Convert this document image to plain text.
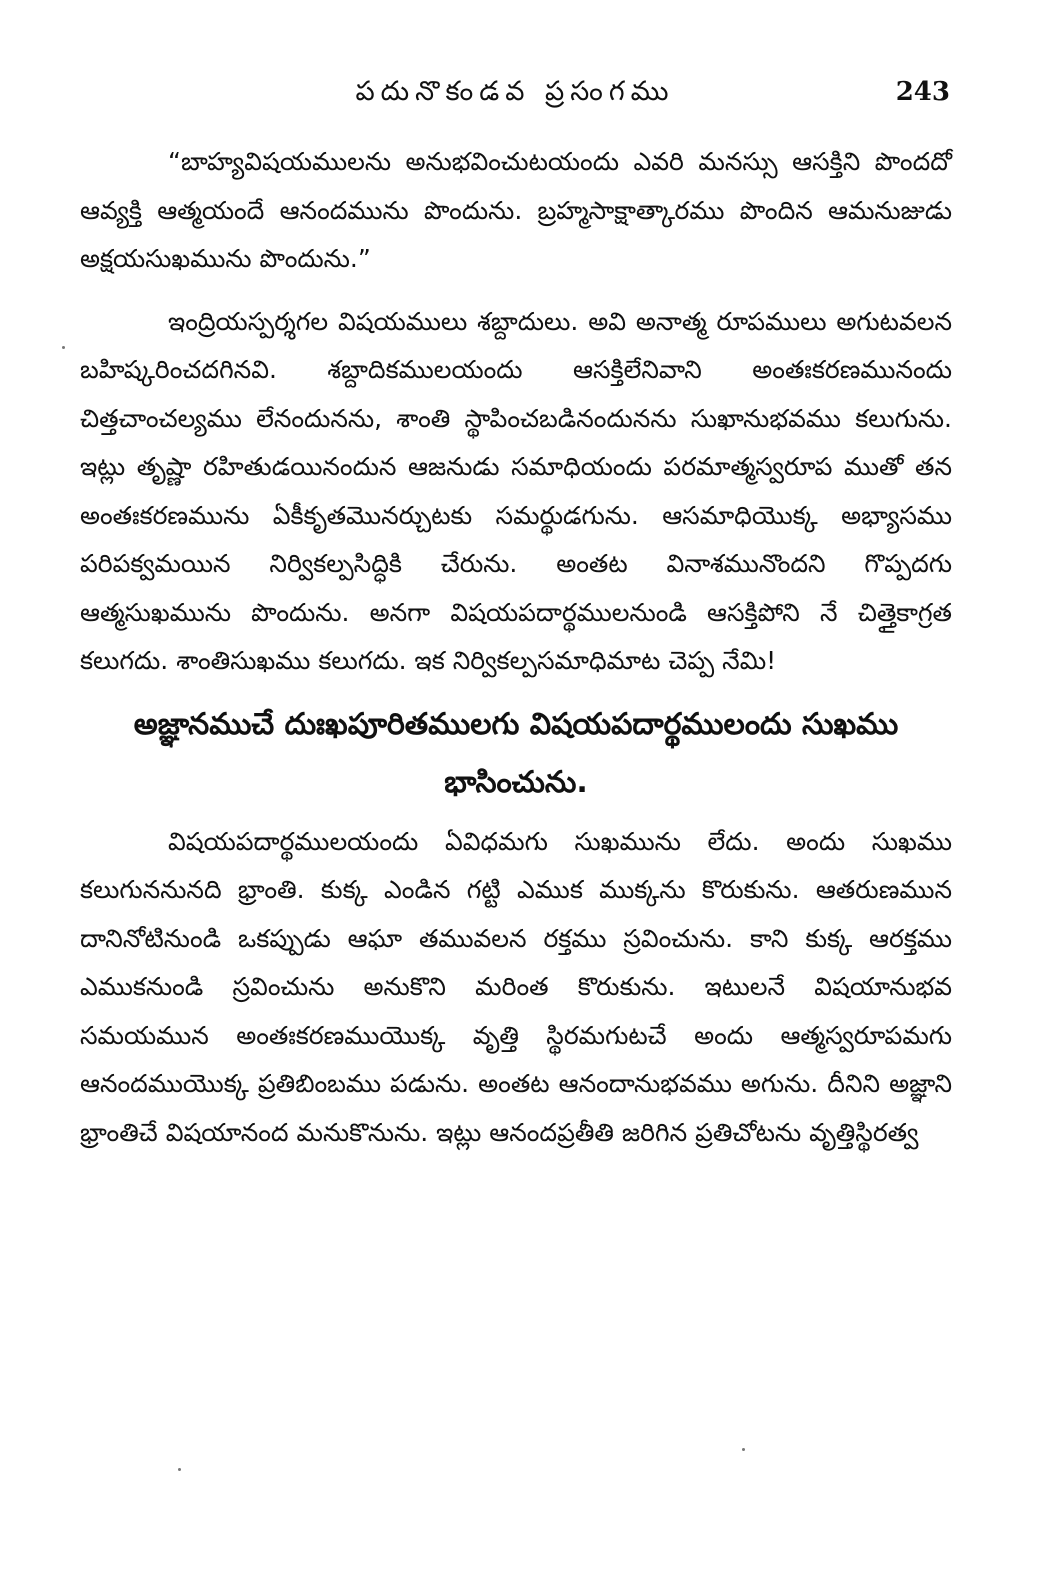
పదునొకండవ ప్రసంగము	243

“బాహ్యవిషయములను అనుభవించుటయందు ఎవరి మనస్సు ఆసక్తిని పొందదో ఆవ్యక్తి ఆత్మయందే ఆనందమును పొందును. బ్రహ్మసాక్షాత్కారము పొందిన ఆమనుజుడు అక్షయసుఖమును పొందును.”

ఇంద్రియస్పర్శగల విషయములు శబ్దాదులు. అవి అనాత్మ రూపములు అగుటవలన బహిష్కరించదగినవి. శబ్దాదికములయందు ఆసక్తిలేనివాని అంతఃకరణమునందు చిత్తచాంచల్యము లేనందునను, శాంతి స్థాపించబడినందునను సుఖానుభవము కలుగును. ఇట్లు తృష్ణా రహితుడయినందున ఆజనుడు సమాధియందు పరమాత్మస్వరూప ముతో తన అంతఃకరణమును ఏకీకృతమొనర్చుటకు సమర్థుడగును. ఆసమాధియొక్క అభ్యాసము పరిపక్వమయిన నిర్వికల్పసిద్ధికి చేరును. అంతట వినాశమునొందని గొప్పదగు ఆత్మసుఖమును పొందును. అనగా విషయపదార్థములనుండి ఆసక్తిపోని నే చిత్తైకాగ్రత కలుగదు. శాంతిసుఖము కలుగదు. ఇక నిర్వికల్పసమాధిమాట చెప్ప నేమి!

అజ్ఞానముచే దుఃఖపూరితములగు విషయపదార్థములందు సుఖము భాసించును.

విషయపదార్థములయందు ఏవిధమగు సుఖమును లేదు. అందు సుఖము కలుగుననునది భ్రాంతి. కుక్క ఎండిన గట్టి ఎముక ముక్కను కొరుకును. ఆతరుణమున దానినోటినుండి ఒకప్పుడు ఆఘా తమువలన రక్తము స్రవించును. కాని కుక్క ఆరక్తము ఎముకనుండి స్రవించును అనుకొని మరింత కొరుకును. ఇటులనే విషయానుభవ సమయమున అంతఃకరణముయొక్క వృత్తి స్థిరమగుటచే అందు ఆత్మస్వరూపమగు ఆనందముయొక్క ప్రతిబింబము పడును. అంతట ఆనందానుభవము అగును. దీనిని అజ్ఞాని భ్రాంతిచే విషయానంద మనుకొనును. ఇట్లు ఆనందప్రతీతి జరిగిన ప్రతిచోటను వృత్తిస్థిరత్వ
